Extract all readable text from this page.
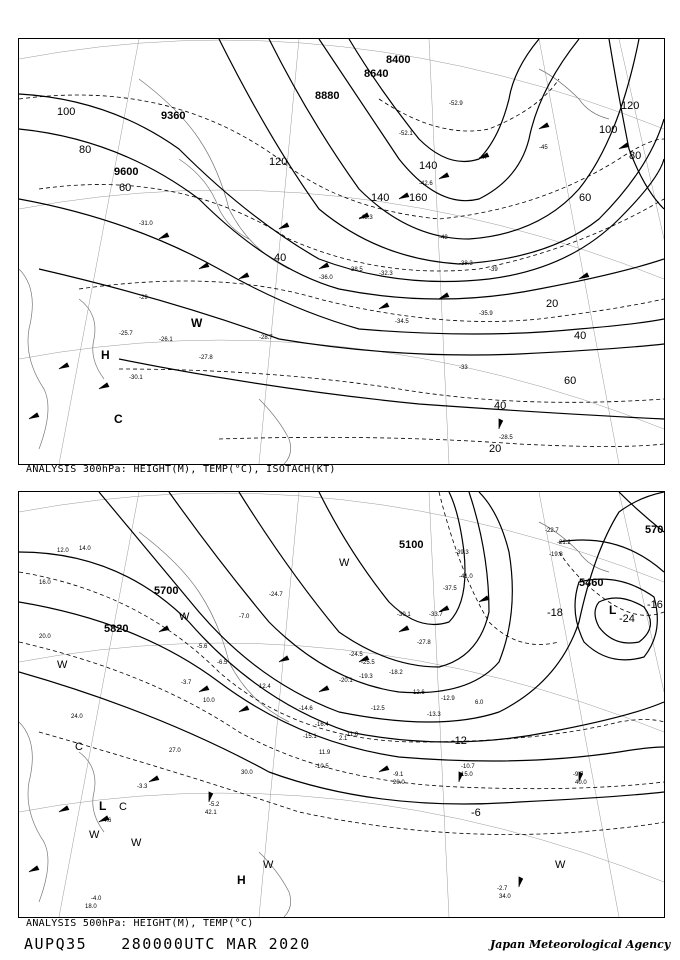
9360
9600
8880
8640
8400
120
100
80
60
40
20
120
100
80
60
40
20
160
140
140
40
60
-28.5
-35.9
-34.5
-31.0
-28.7
-27.8
-36.0
-38.5
-43.3
-42.6
-52.1
-52.9
-45
-39
-33
-29
-25.7
-26.1
-30.1
-47
-48
-38.3
-32.3
H
C
W
ANALYSIS 300hPa: HEIGHT(M), TEMP(°C), ISOTACH(KT)
5700
5820
5100
5460
570
L
-24
-18
-16
-12
-6
-10.7
-9.7
-9.1
-2.7
-4.0
-5.2
-3.3
-4.6
-10.5
-11.0
-15.1
-16.4
-12.5
-12.6
-12.9
-13.3
-20.1
-19.3
-18.2
-24.5
-25.5
-27.8
-30.1	-33.7
-37.5
-39.3
-41.0
-24.7
-14.6
-22.7
-21.2
-19.8
-7.0
-6.5
-5.6
-3.7
15.0
40.0
20.0
34.0
18.0
42.1
27.0
30.0
24.0
20.0
16.0
12.0
6.0
2.1
10.0
14.0
12.4
11.9
L C
W
W
W
W
W
H
C
W
W
ANALYSIS 500hPa: HEIGHT(M), TEMP(°C)
AUPQ35 280000UTC MAR 2020	Japan Meteorological Agency
